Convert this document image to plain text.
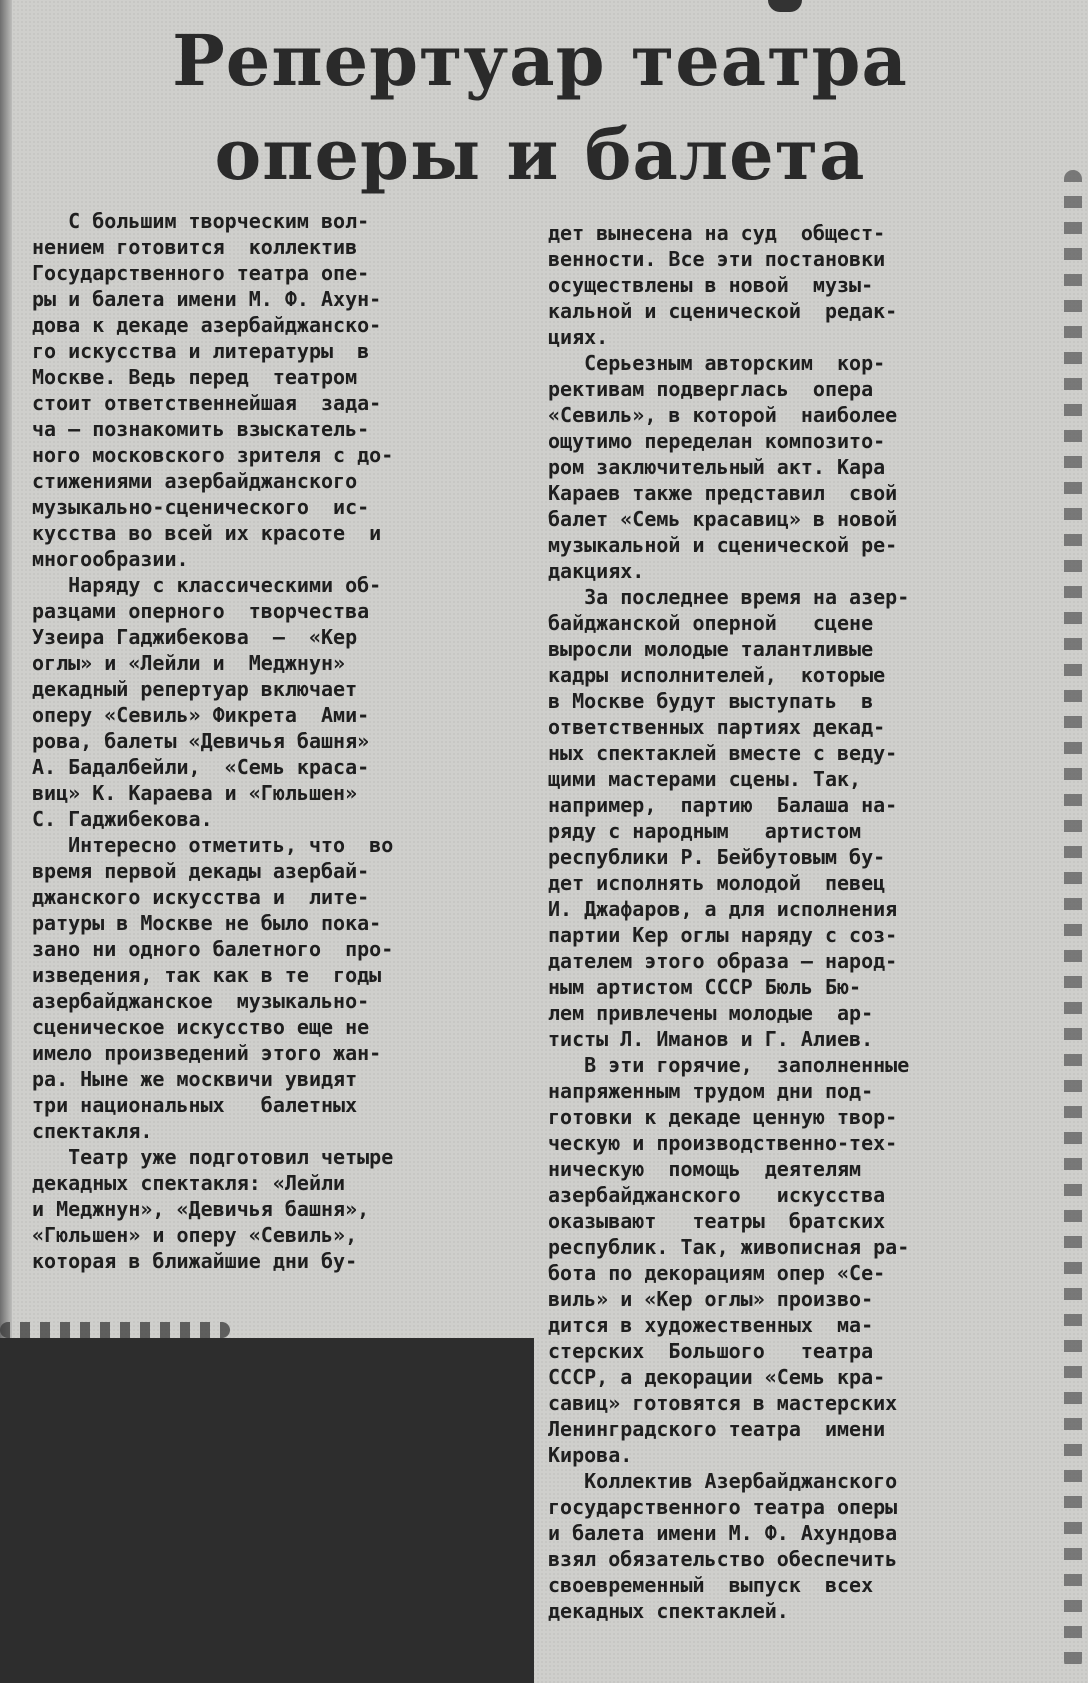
Репертуар театра
оперы и балета
С большим творческим вол-
нением готовится  коллектив
Государственного театра опе-
ры и балета имени М. Ф. Ахун-
дова к декаде азербайджанско-
го искусства и литературы  в
Москве. Ведь перед  театром
стоит ответственнейшая  зада-
ча — познакомить взыскатель-
ного московского зрителя с до-
стижениями азербайджанского
музыкально-сценического  ис-
кусства во всей их красоте  и
многообразии.
Наряду с классическими об-
разцами оперного  творчества
Узеира Гаджибекова  —  «Кер
оглы» и «Лейли и  Меджнун»
декадный репертуар включает
оперу «Севиль» Фикрета  Ами-
рова, балеты «Девичья башня»
А. Бадалбейли,  «Семь краса-
виц» К. Караева и «Гюльшен»
С. Гаджибекова.
Интересно отметить, что  во
время первой декады азербай-
джанского искусства и  лите-
ратуры в Москве не было пока-
зано ни одного балетного  про-
изведения, так как в те  годы
азербайджанское  музыкально-
сценическое искусство еще не
имело произведений этого жан-
ра. Ныне же москвичи увидят
три национальных   балетных
спектакля.
Театр уже подготовил четыре
декадных спектакля: «Лейли
и Меджнун», «Девичья башня»,
«Гюльшен» и оперу «Севиль»,
которая в ближайшие дни бу-
дет вынесена на суд  общест-
венности. Все эти постановки
осуществлены в новой  музы-
кальной и сценической  редак-
циях.
Серьезным авторским  кор-
рективам подверглась  опера
«Севиль», в которой  наиболее
ощутимо переделан композито-
ром заключительный акт. Кара
Караев также представил  свой
балет «Семь красавиц» в новой
музыкальной и сценической ре-
дакциях.
За последнее время на азер-
байджанской оперной   сцене
выросли молодые талантливые
кадры исполнителей,  которые
в Москве будут выступать  в
ответственных партиях декад-
ных спектаклей вместе с веду-
щими мастерами сцены. Так,
например,  партию  Балаша на-
ряду с народным   артистом
республики Р. Бейбутовым бу-
дет исполнять молодой  певец
И. Джафаров, а для исполнения
партии Кер оглы наряду с соз-
дателем этого образа — народ-
ным артистом СССР Бюль Бю-
лем привлечены молодые  ар-
тисты Л. Иманов и Г. Алиев.
В эти горячие,  заполненные
напряженным трудом дни под-
готовки к декаде ценную твор-
ческую и производственно-тех-
ническую  помощь  деятелям
азербайджанского   искусства
оказывают   театры  братских
республик. Так, живописная ра-
бота по декорациям опер «Се-
виль» и «Кер оглы» произво-
дится в художественных  ма-
стерских  Большого   театра
СССР, а декорации «Семь кра-
савиц» готовятся в мастерских
Ленинградского театра  имени
Кирова.
Коллектив Азербайджанского
государственного театра оперы
и балета имени М. Ф. Ахундова
взял обязательство обеспечить
своевременный  выпуск  всех
декадных спектаклей.
